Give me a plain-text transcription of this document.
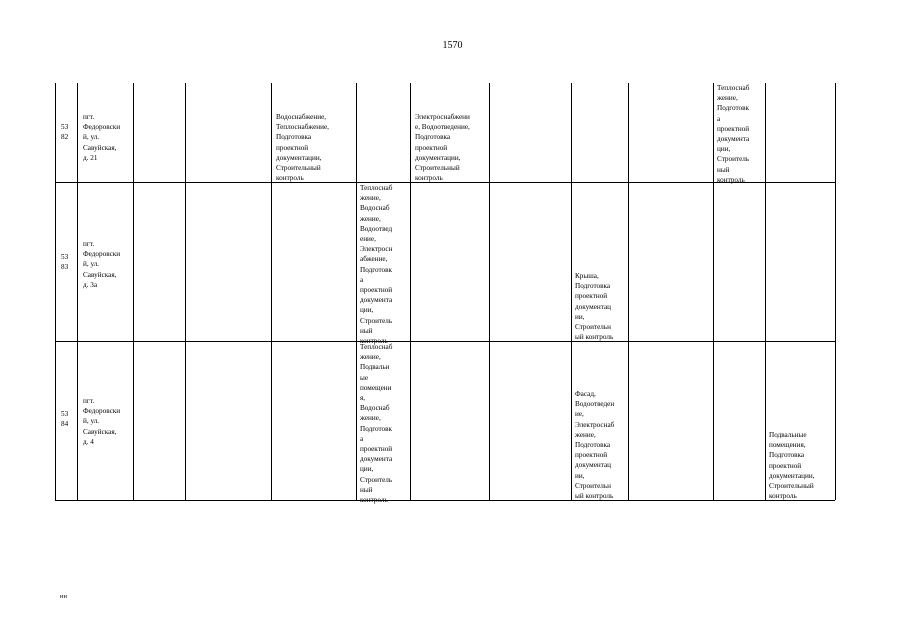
1570
53
82
пгт.
Федоровски
й, ул.
Савуйская,
д. 21
Водоснабжение,
Теплоснабжение,
Подготовка
проектной
документации,
Строительный
контроль
Электроснабжени
е, Водоотведение,
Подготовка
проектной
документации,
Строительный
контроль
Теплоснаб
жение,
Подготовк
а
проектной
документа
ции,
Строитель
ный
контроль
53
83
пгт.
Федоровски
й, ул.
Савуйская,
д. 3а
Теплоснаб
жение,
Водоснаб
жение,
Водоотвед
ение,
Электросн
абжение,
Подготовк
а
проектной
документа
ции,
Строитель
ный
контроль
Крыша,
Подготовка
проектной
документац
ии,
Строительн
ый контроль
53
84
пгт.
Федоровски
й, ул.
Савуйская,
д. 4
Теплоснаб
жение,
Подвальн
ые
помещени
я,
Водоснаб
жение,
Подготовк
а
проектной
документа
ции,
Строитель
ный
контроль
Фасад,
Водоотведен
ие,
Электроснаб
жение,
Подготовка
проектной
документац
ии,
Строительн
ый контроль
Подвальные
помещения,
Подготовка
проектной
документации,
Строительный
контроль
нн
